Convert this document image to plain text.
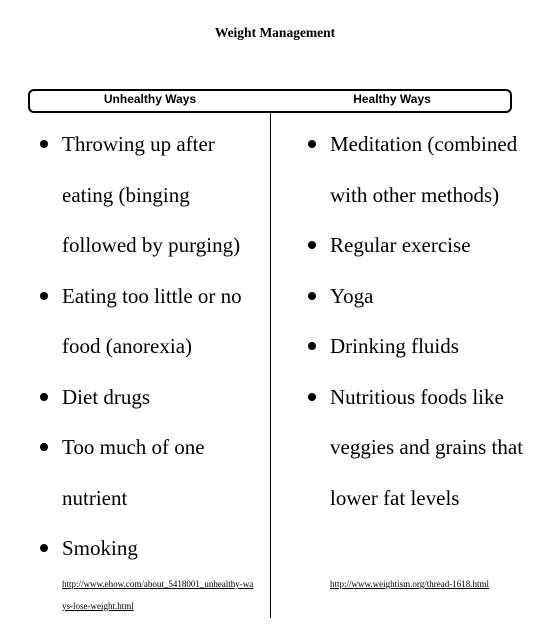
Weight Management
Unhealthy Ways	Healthy Ways
Throwing up after eating (binging followed by purging)
Eating too little or no food (anorexia)
Diet drugs
Too much of one nutrient
Smoking
Meditation (combined with other methods)
Regular exercise
Yoga
Drinking fluids
Nutritious foods like veggies and grains that lower fat levels
http://www.ehow.com/about_5418001_unhealthy-ways-lose-weight.html
http://www.weightism.org/thread-1618.html
